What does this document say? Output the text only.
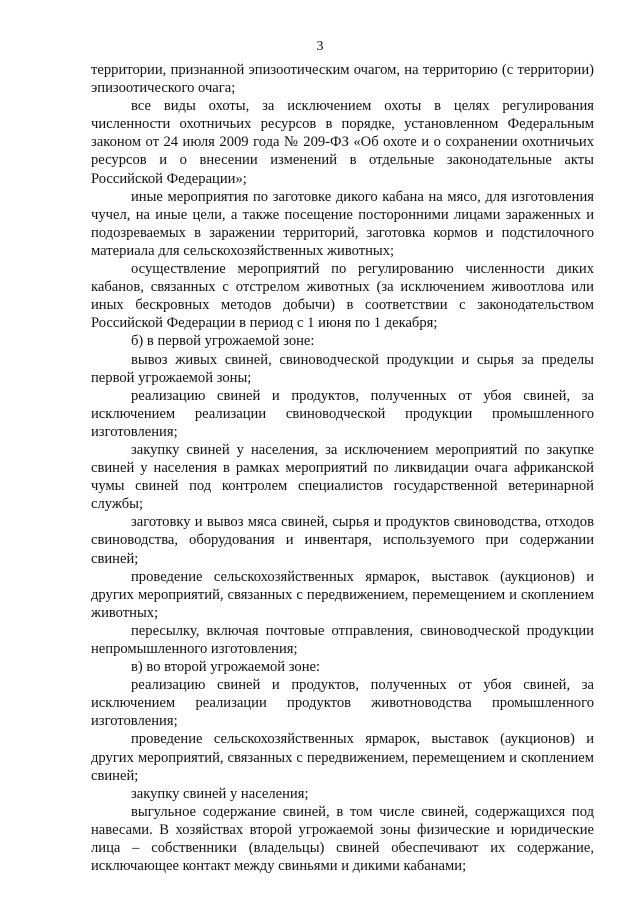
3

территории, признанной эпизоотическим очагом, на территорию (с территории) эпизоотического очага;

все виды охоты, за исключением охоты в целях регулирования численности охотничьих ресурсов в порядке, установленном Федеральным законом от 24 июля 2009 года № 209-ФЗ «Об охоте и о сохранении охотничьих ресурсов и о внесении изменений в отдельные законодательные акты Российской Федерации»;

иные мероприятия по заготовке дикого кабана на мясо, для изготовления чучел, на иные цели, а также посещение посторонними лицами зараженных и подозреваемых в заражении территорий, заготовка кормов и подстилочного материала для сельскохозяйственных животных;

осуществление мероприятий по регулированию численности диких кабанов, связанных с отстрелом животных (за исключением живоотлова или иных бескровных методов добычи) в соответствии с законодательством Российской Федерации в период с 1 июня по 1 декабря;

б) в первой угрожаемой зоне:

вывоз живых свиней, свиноводческой продукции и сырья за пределы первой угрожаемой зоны;

реализацию свиней и продуктов, полученных от убоя свиней, за исключением реализации свиноводческой продукции промышленного изготовления;

закупку свиней у населения, за исключением мероприятий по закупке свиней у населения в рамках мероприятий по ликвидации очага африканской чумы свиней под контролем специалистов государственной ветеринарной службы;

заготовку и вывоз мяса свиней, сырья и продуктов свиноводства, отходов свиноводства, оборудования и инвентаря, используемого при содержании свиней;

проведение сельскохозяйственных ярмарок, выставок (аукционов) и других мероприятий, связанных с передвижением, перемещением и скоплением животных;

пересылку, включая почтовые отправления, свиноводческой продукции непромышленного изготовления;

в) во второй угрожаемой зоне:

реализацию свиней и продуктов, полученных от убоя свиней, за исключением реализации продуктов животноводства промышленного изготовления;

проведение сельскохозяйственных ярмарок, выставок (аукционов) и других мероприятий, связанных с передвижением, перемещением и скоплением свиней;

закупку свиней у населения;

выгульное содержание свиней, в том числе свиней, содержащихся под навесами. В хозяйствах второй угрожаемой зоны физические и юридические лица – собственники (владельцы) свиней обеспечивают их содержание, исключающее контакт между свиньями и дикими кабанами;
